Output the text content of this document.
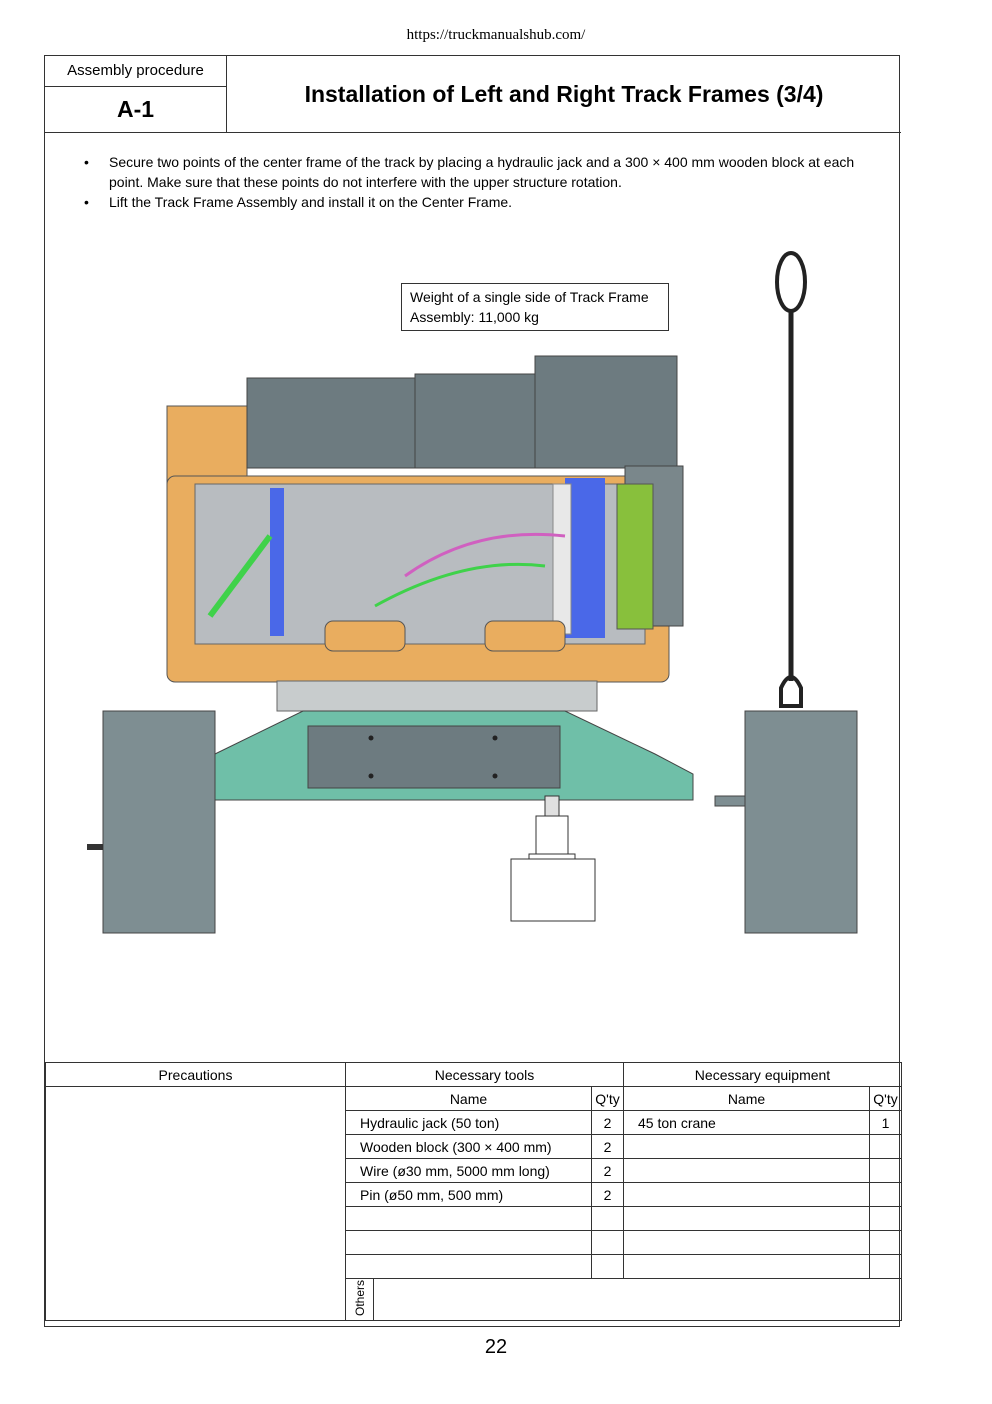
https://truckmanualshub.com/
Assembly procedure
A-1
Installation of Left and Right Track Frames (3/4)
• Secure two points of the center frame of the track by placing a hydraulic jack and a 300 × 400 mm wooden block at each point. Make sure that these points do not interfere with the upper structure rotation.
• Lift the Track Frame Assembly and install it on the Center Frame.
Weight of a single side of Track Frame
Assembly: 11,000 kg
Precautions	Necessary tools			Necessary equipment	
	Name		Q'ty	Name	Q'ty
	Hydraulic jack (50 ton)		2	45 ton crane	1
	Wooden block (300 × 400 mm)		2		
	Wire (ø30 mm, 5000 mm long)		2		
	Pin (ø50 mm, 500 mm)		2		

	Others				
22
